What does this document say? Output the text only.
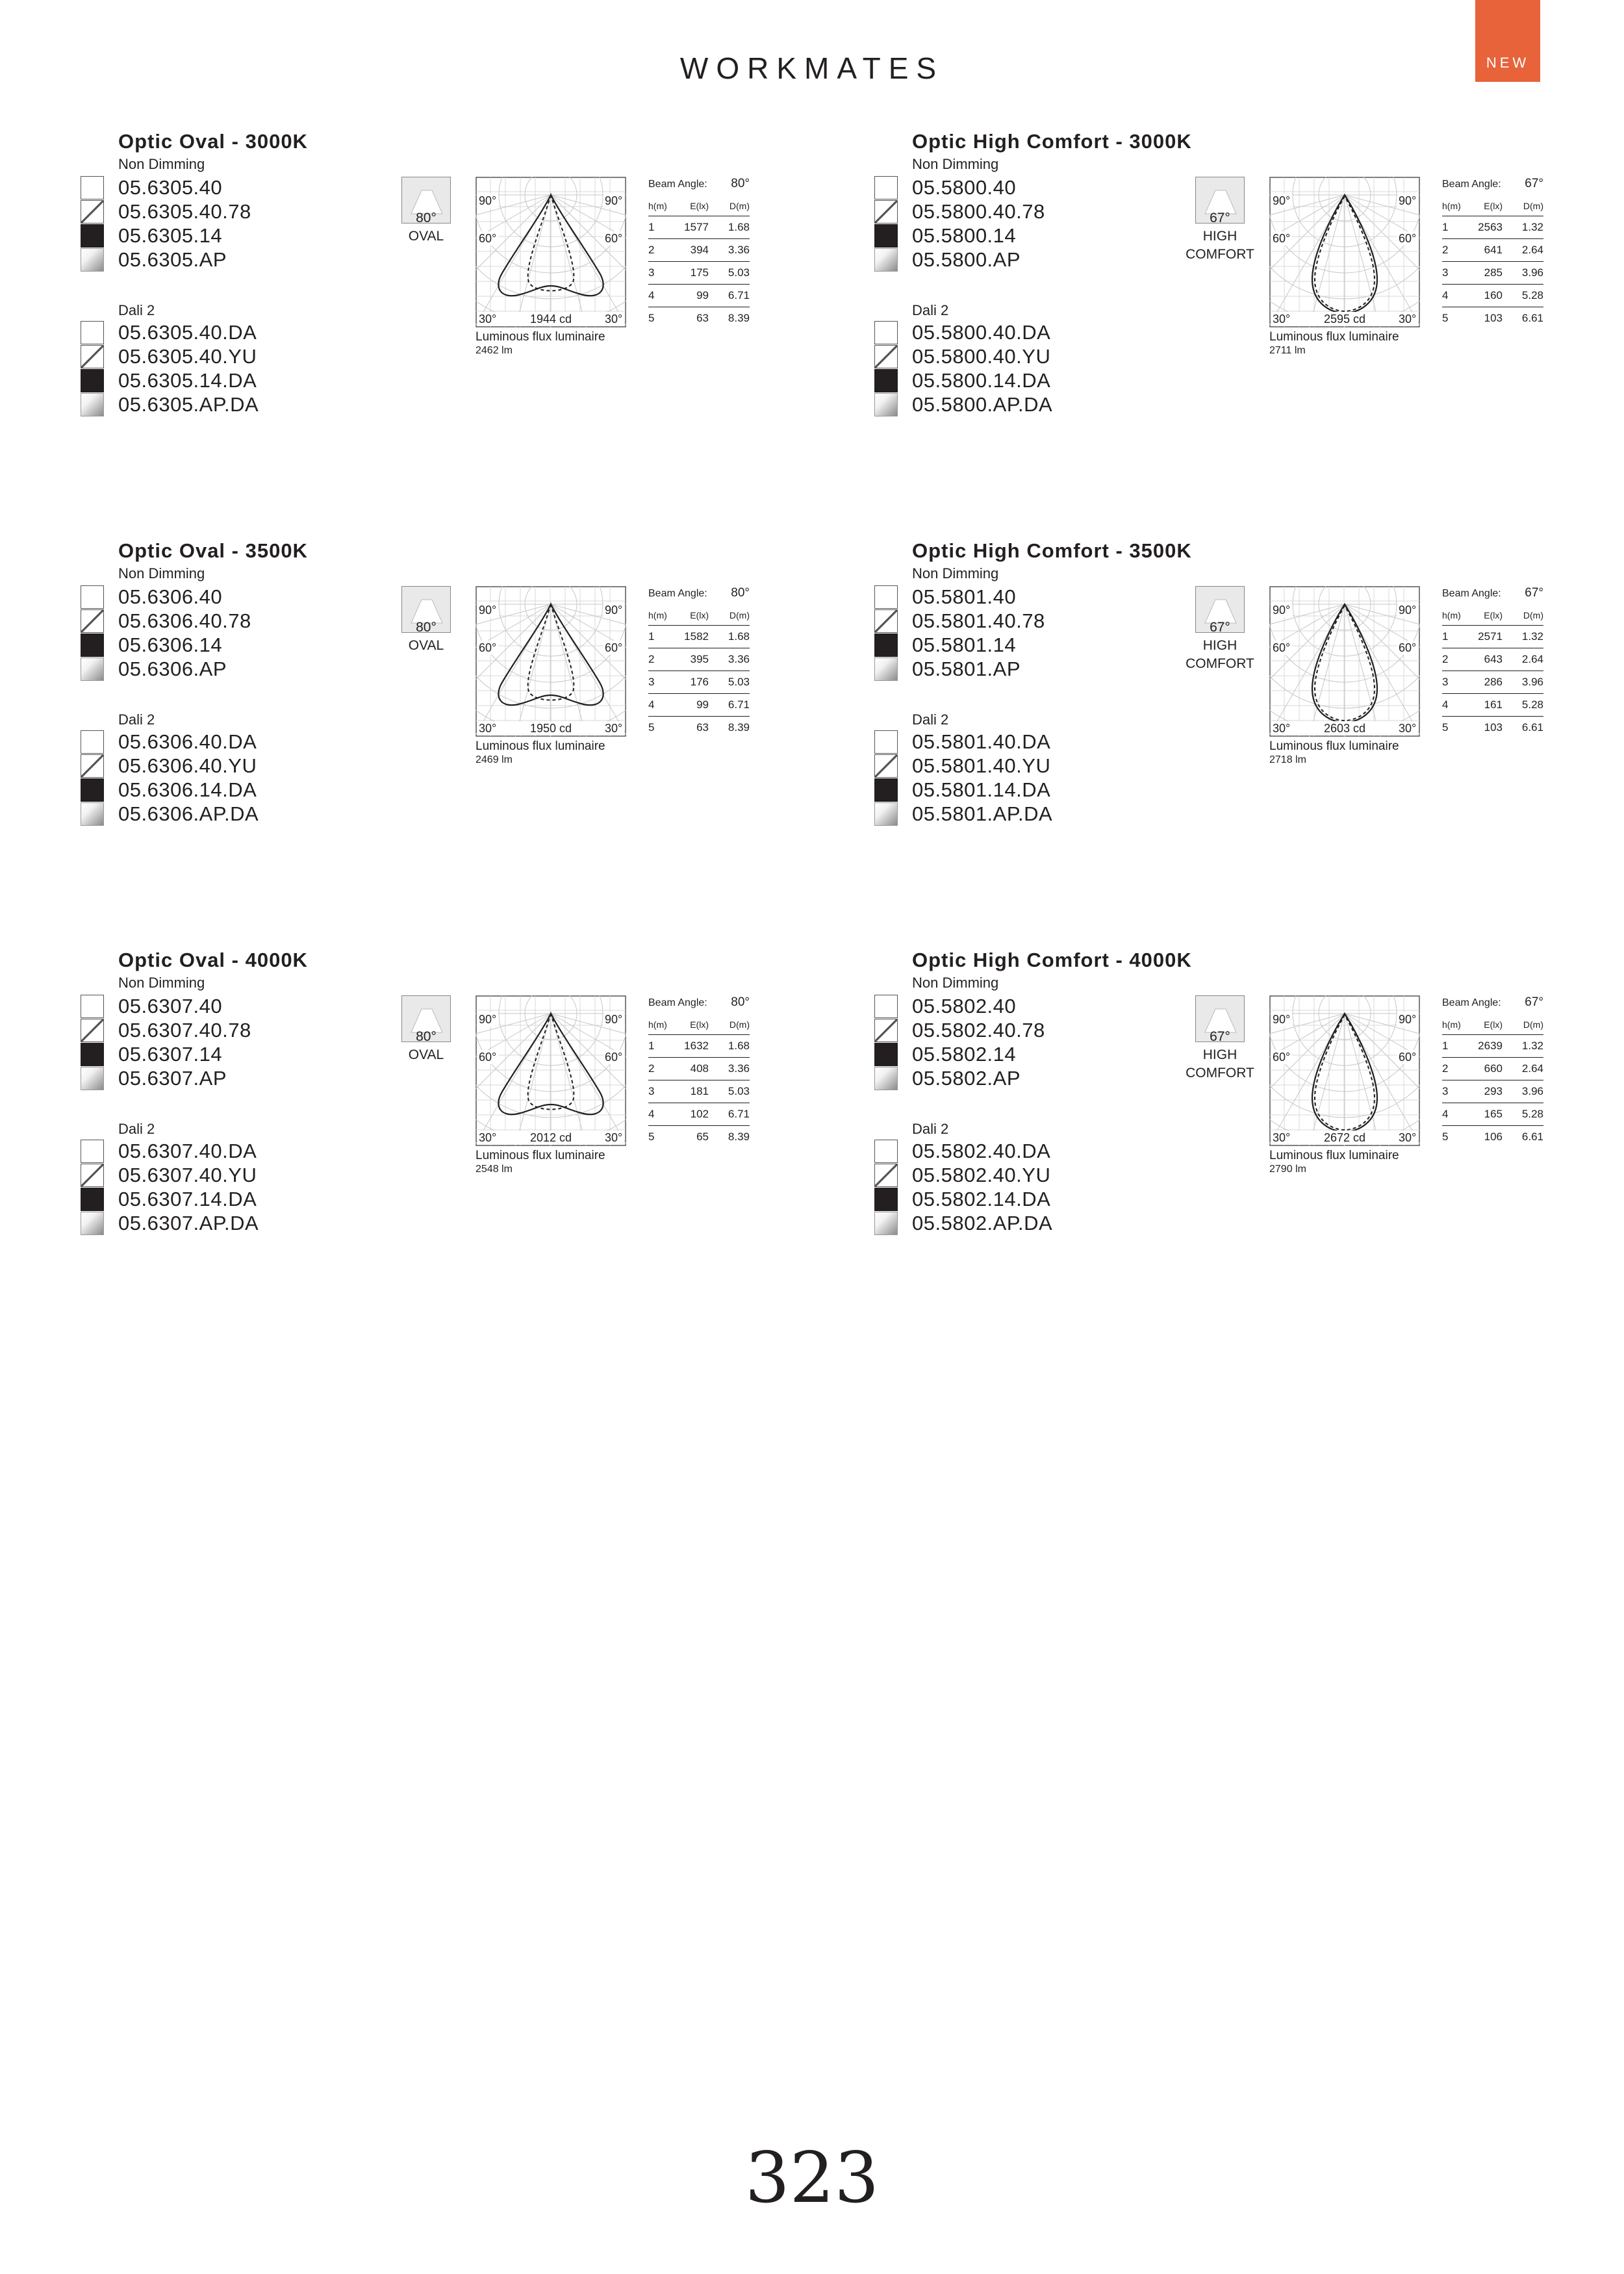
WORKMATES	NEW
Optic Oval - 3000K
Non Dimming
05.6305.40
05.6305.40.78
05.6305.14
05.6305.AP
Dali 2
05.6305.40.DA
05.6305.40.YU
05.6305.14.DA
05.6305.AP.DA
80°
OVAL
90°	90°
60°	60°
30°	1944 cd	30°
Luminous flux luminaire
2462 lm
Beam Angle: 80°
h(m)	E(lx)	D(m)
1	1577	1.68
2	394	3.36
3	175	5.03
4	99	6.71
5	63	8.39
Optic High Comfort - 3000K
Non Dimming
05.5800.40
05.5800.40.78
05.5800.14
05.5800.AP
Dali 2
05.5800.40.DA
05.5800.40.YU
05.5800.14.DA
05.5800.AP.DA
67°
HIGH
COMFORT
90°	90°
60°	60°
30°	2595 cd	30°
Luminous flux luminaire
2711 lm
Beam Angle: 67°
h(m)	E(lx)	D(m)
1	2563	1.32
2	641	2.64
3	285	3.96
4	160	5.28
5	103	6.61
Optic Oval - 3500K
Non Dimming
05.6306.40
05.6306.40.78
05.6306.14
05.6306.AP
Dali 2
05.6306.40.DA
05.6306.40.YU
05.6306.14.DA
05.6306.AP.DA
80°
OVAL
90°	90°
60°	60°
30°	1950 cd	30°
Luminous flux luminaire
2469 lm
Beam Angle: 80°
h(m)	E(lx)	D(m)
1	1582	1.68
2	395	3.36
3	176	5.03
4	99	6.71
5	63	8.39
Optic High Comfort - 3500K
Non Dimming
05.5801.40
05.5801.40.78
05.5801.14
05.5801.AP
Dali 2
05.5801.40.DA
05.5801.40.YU
05.5801.14.DA
05.5801.AP.DA
67°
HIGH
COMFORT
90°	90°
60°	60°
30°	2603 cd	30°
Luminous flux luminaire
2718 lm
Beam Angle: 67°
h(m)	E(lx)	D(m)
1	2571	1.32
2	643	2.64
3	286	3.96
4	161	5.28
5	103	6.61
Optic Oval - 4000K
Non Dimming
05.6307.40
05.6307.40.78
05.6307.14
05.6307.AP
Dali 2
05.6307.40.DA
05.6307.40.YU
05.6307.14.DA
05.6307.AP.DA
80°
OVAL
90°	90°
60°	60°
30°	2012 cd	30°
Luminous flux luminaire
2548 lm
Beam Angle: 80°
h(m)	E(lx)	D(m)
1	1632	1.68
2	408	3.36
3	181	5.03
4	102	6.71
5	65	8.39
Optic High Comfort - 4000K
Non Dimming
05.5802.40
05.5802.40.78
05.5802.14
05.5802.AP
Dali 2
05.5802.40.DA
05.5802.40.YU
05.5802.14.DA
05.5802.AP.DA
67°
HIGH
COMFORT
90°	90°
60°	60°
30°	2672 cd	30°
Luminous flux luminaire
2790 lm
Beam Angle: 67°
h(m)	E(lx)	D(m)
1	2639	1.32
2	660	2.64
3	293	3.96
4	165	5.28
5	106	6.61
323
